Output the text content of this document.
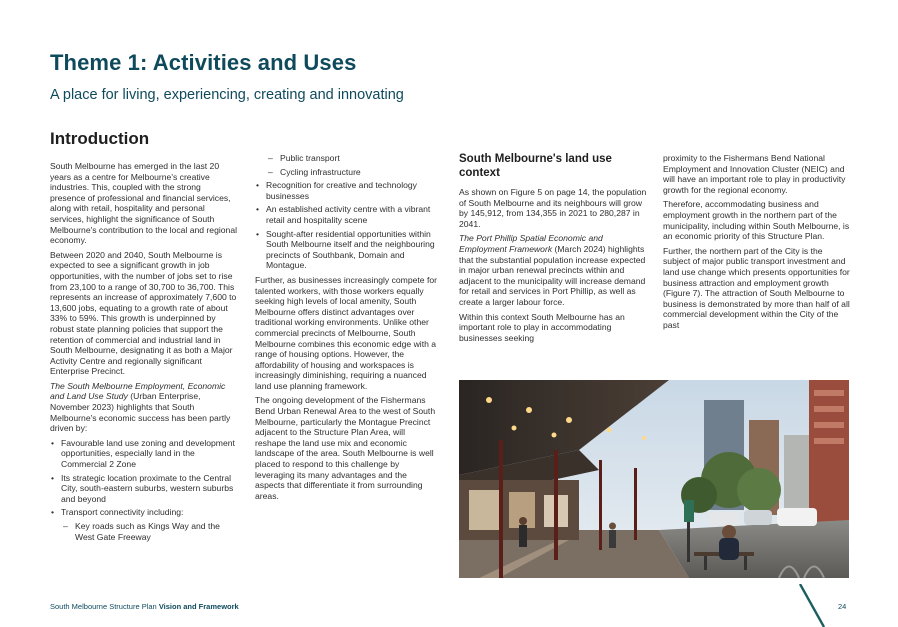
Theme 1: Activities and Uses
A place for living, experiencing, creating and innovating
Introduction

South Melbourne has emerged in the last 20 years as a centre for Melbourne's creative industries. This, coupled with the strong presence of professional and financial services, along with retail, hospitality and personal services, highlight the significance of South Melbourne's contribution to the local and regional economy.

Between 2020 and 2040, South Melbourne is expected to see a significant growth in job opportunities, with the number of jobs set to rise from 23,100 to a range of 30,700 to 36,700. This represents an increase of approximately 7,600 to 13,600 jobs, equating to a growth rate of about 33% to 59%. This growth is underpinned by robust state planning policies that support the retention of commercial and industrial land in South Melbourne, designating it as both a Major Activity Centre and regionally significant Enterprise Precinct.

The South Melbourne Employment, Economic and Land Use Study (Urban Enterprise, November 2023) highlights that South Melbourne's economic success has been partly driven by:

• Favourable land use zoning and development opportunities, especially land in the Commercial 2 Zone
• Its strategic location proximate to the Central City, south-eastern suburbs, western suburbs and beyond
• Transport connectivity including:
– Key roads such as Kings Way and the West Gate Freeway
– Public transport
– Cycling infrastructure
• Recognition for creative and technology businesses
• An established activity centre with a vibrant retail and hospitality scene
• Sought-after residential opportunities within South Melbourne itself and the neighbouring precincts of Southbank, Domain and Montague.

Further, as businesses increasingly compete for talented workers, with those workers equally seeking high levels of local amenity, South Melbourne offers distinct advantages over traditional working environments. Unlike other commercial precincts of Melbourne, South Melbourne combines this economic edge with a range of housing options. However, the affordability of housing and workspaces is increasingly diminishing, requiring a nuanced land use planning framework.

The ongoing development of the Fishermans Bend Urban Renewal Area to the west of South Melbourne, particularly the Montague Precinct adjacent to the Structure Plan Area, will reshape the land use mix and economic landscape of the area. South Melbourne is well placed to respond to this challenge by leveraging its many advantages and the aspects that differentiate it from surrounding areas.

South Melbourne's land use context

As shown on Figure 5 on page 14, the population of South Melbourne and its neighbours will grow by 145,912, from 134,355 in 2021 to 280,287 in 2041.

The Port Phillip Spatial Economic and Employment Framework (March 2024) highlights that the substantial population increase expected in major urban renewal precincts within and adjacent to the municipality will increase demand for retail and services in Port Phillip, as well as create a larger labour force.

Within this context South Melbourne has an important role to play in accommodating businesses seeking

proximity to the Fishermans Bend National Employment and Innovation Cluster (NEIC) and will have an important role to play in productivity growth for the regional economy.

Therefore, accommodating business and employment growth in the northern part of the municipality, including within South Melbourne, is an economic priority of this Structure Plan.

Further, the northern part of the City is the subject of major public transport investment and land use change which presents opportunities for business attraction and employment growth (Figure 7). The attraction of South Melbourne to business is demonstrated by more than half of all commercial development within the City of the past

South Melbourne Structure Plan Vision and Framework	24
